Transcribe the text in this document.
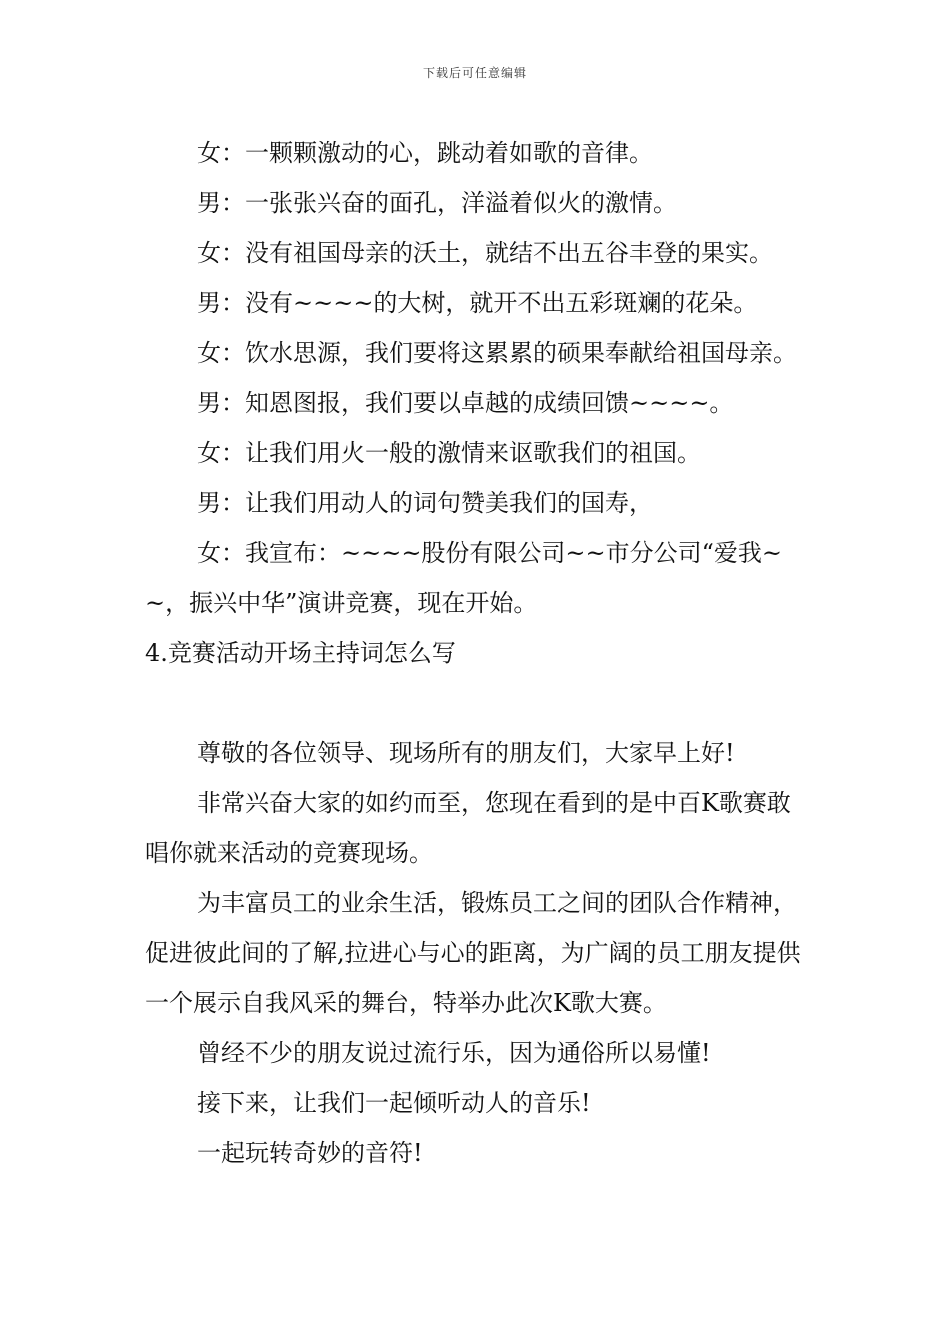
下载后可任意编辑

女：一颗颗激动的心，跳动着如歌的音律。

男：一张张兴奋的面孔，洋溢着似火的激情。

女：没有祖国母亲的沃土，就结不出五谷丰登的果实。

男：没有~~~~的大树，就开不出五彩斑斓的花朵。

女：饮水思源，我们要将这累累的硕果奉献给祖国母亲。

男：知恩图报，我们要以卓越的成绩回馈~~~~。

女：让我们用火一般的激情来讴歌我们的祖国。

男：让我们用动人的词句赞美我们的国寿，

女：我宣布：~~~~股份有限公司~~市分公司“爱我~~，振兴中华”演讲竞赛，现在开始。

4.竞赛活动开场主持词怎么写

尊敬的各位领导、现场所有的朋友们，大家早上好!

非常兴奋大家的如约而至，您现在看到的是中百K歌赛敢唱你就来活动的竞赛现场。

为丰富员工的业余生活，锻炼员工之间的团队合作精神，促进彼此间的了解,拉进心与心的距离，为广阔的员工朋友提供一个展示自我风采的舞台，特举办此次K歌大赛。

曾经不少的朋友说过流行乐，因为通俗所以易懂!

接下来，让我们一起倾听动人的音乐!

一起玩转奇妙的音符!
